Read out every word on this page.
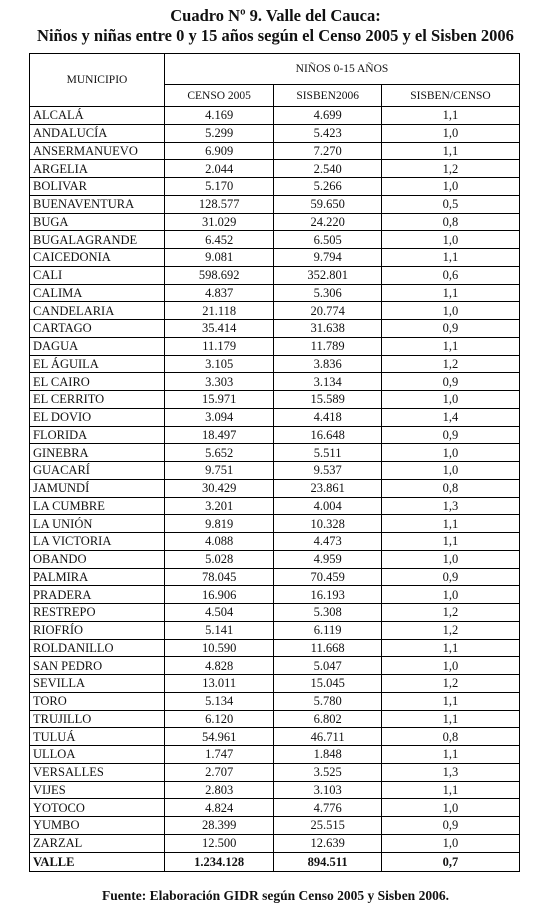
Cuadro Nº 9. Valle del Cauca:
Niños y niñas entre 0 y 15 años según el Censo 2005 y el Sisben 2006
MUNICIPIO	NIÑOS 0-15 AÑOS		
	CENSO 2005	SISBEN2006	SISBEN/CENSO
ALCALÁ	4.169	4.699	1,1
ANDALUCÍA	5.299	5.423	1,0
ANSERMANUEVO	6.909	7.270	1,1
ARGELIA	2.044	2.540	1,2
BOLIVAR	5.170	5.266	1,0
BUENAVENTURA	128.577	59.650	0,5
BUGA	31.029	24.220	0,8
BUGALAGRANDE	6.452	6.505	1,0
CAICEDONIA	9.081	9.794	1,1
CALI	598.692	352.801	0,6
CALIMA	4.837	5.306	1,1
CANDELARIA	21.118	20.774	1,0
CARTAGO	35.414	31.638	0,9
DAGUA	11.179	11.789	1,1
EL ÁGUILA	3.105	3.836	1,2
EL CAIRO	3.303	3.134	0,9
EL CERRITO	15.971	15.589	1,0
EL DOVIO	3.094	4.418	1,4
FLORIDA	18.497	16.648	0,9
GINEBRA	5.652	5.511	1,0
GUACARÍ	9.751	9.537	1,0
JAMUNDÍ	30.429	23.861	0,8
LA CUMBRE	3.201	4.004	1,3
LA UNIÓN	9.819	10.328	1,1
LA VICTORIA	4.088	4.473	1,1
OBANDO	5.028	4.959	1,0
PALMIRA	78.045	70.459	0,9
PRADERA	16.906	16.193	1,0
RESTREPO	4.504	5.308	1,2
RIOFRÍO	5.141	6.119	1,2
ROLDANILLO	10.590	11.668	1,1
SAN PEDRO	4.828	5.047	1,0
SEVILLA	13.011	15.045	1,2
TORO	5.134	5.780	1,1
TRUJILLO	6.120	6.802	1,1
TULUÁ	54.961	46.711	0,8
ULLOA	1.747	1.848	1,1
VERSALLES	2.707	3.525	1,3
VIJES	2.803	3.103	1,1
YOTOCO	4.824	4.776	1,0
YUMBO	28.399	25.515	0,9
ZARZAL	12.500	12.639	1,0
VALLE	1.234.128	894.511	0,7
Fuente: Elaboración GIDR según Censo 2005 y Sisben 2006.
